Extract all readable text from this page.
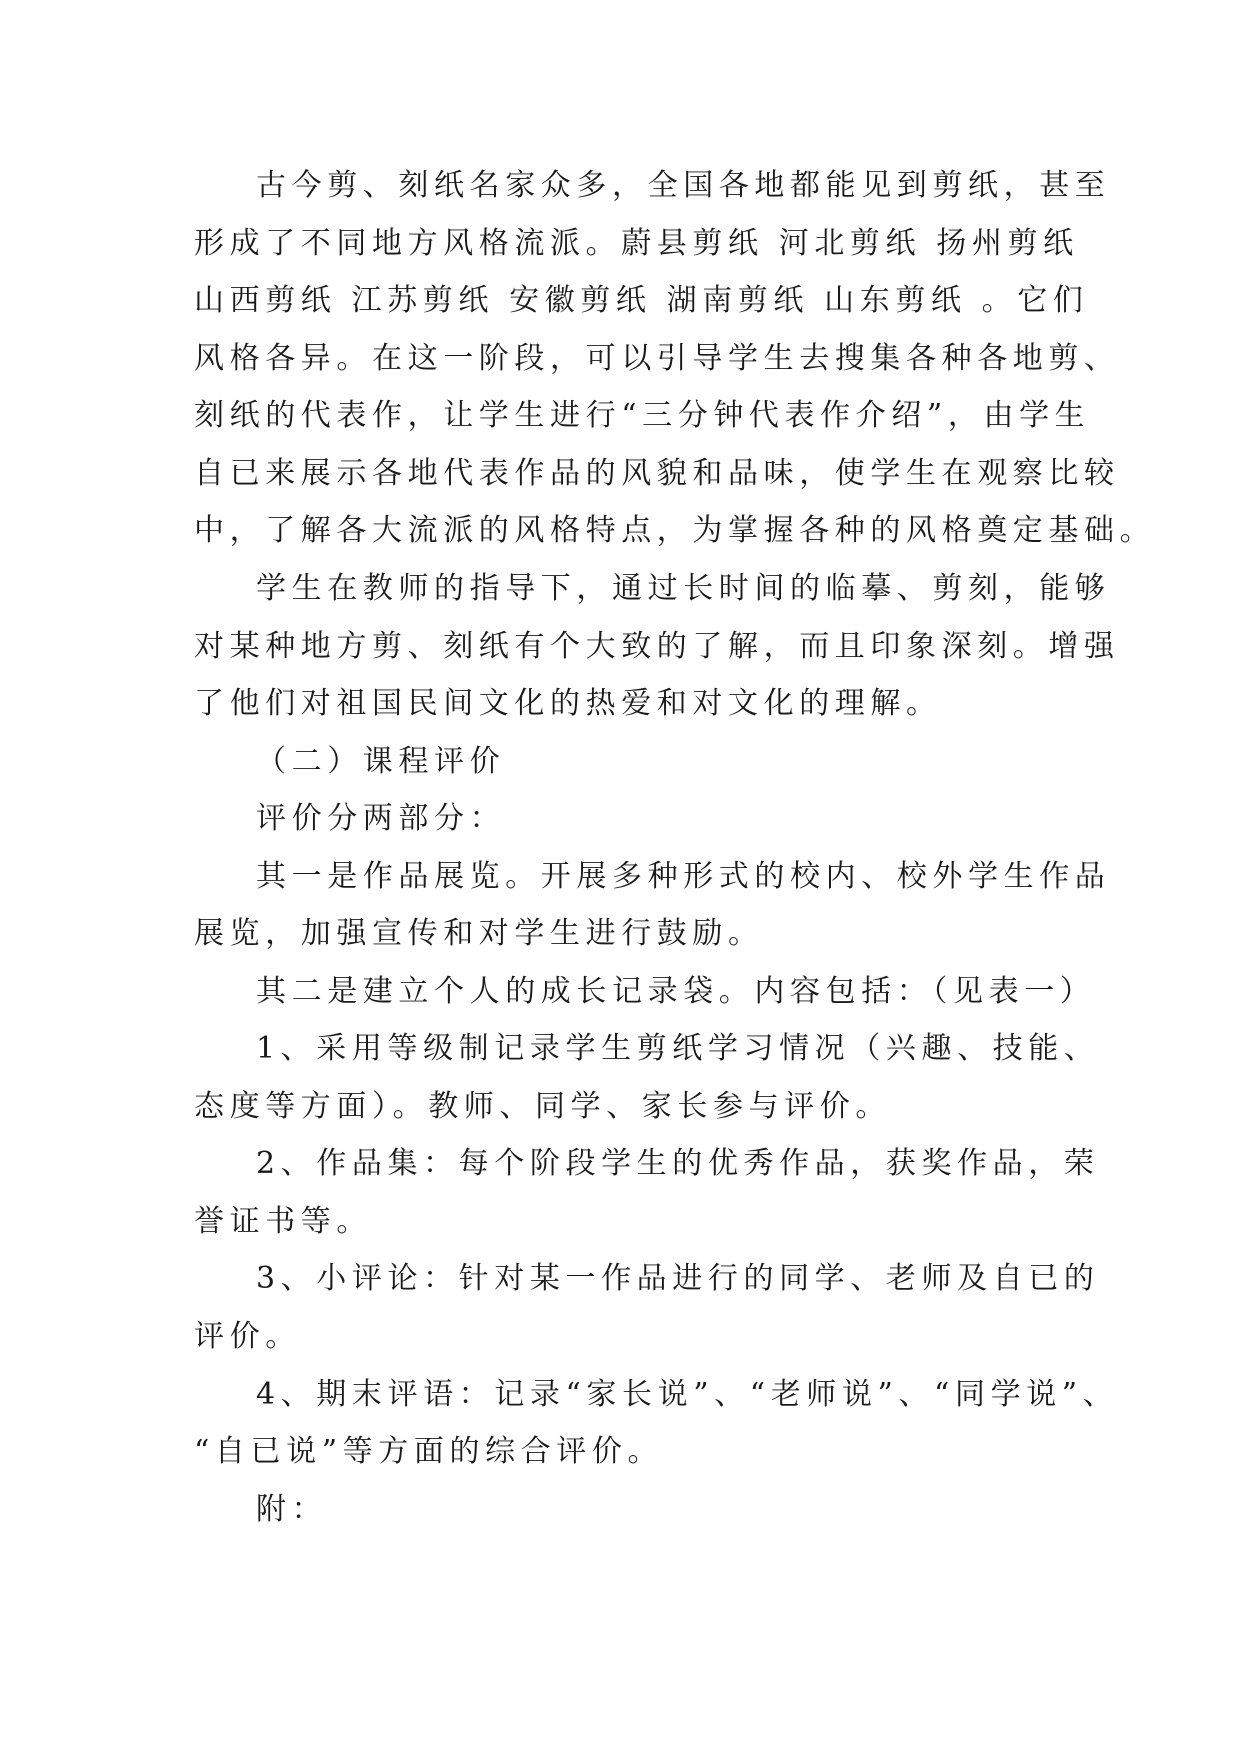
古今剪、刻纸名家众多，全国各地都能见到剪纸，甚至
形成了不同地方风格流派。蔚县剪纸 河北剪纸 扬州剪纸
山西剪纸 江苏剪纸 安徽剪纸 湖南剪纸 山东剪纸 。它们
风格各异。在这一阶段，可以引导学生去搜集各种各地剪、
刻纸的代表作，让学生进行“三分钟代表作介绍”，由学生
自已来展示各地代表作品的风貌和品味，使学生在观察比较
中，了解各大流派的风格特点，为掌握各种的风格奠定基础。
学生在教师的指导下，通过长时间的临摹、剪刻，能够
对某种地方剪、刻纸有个大致的了解，而且印象深刻。增强
了他们对祖国民间文化的热爱和对文化的理解。
（二）课程评价
评价分两部分：
其一是作品展览。开展多种形式的校内、校外学生作品
展览，加强宣传和对学生进行鼓励。
其二是建立个人的成长记录袋。内容包括：（见表一）
1、采用等级制记录学生剪纸学习情况（兴趣、技能、
态度等方面）。教师、同学、家长参与评价。
2、作品集：每个阶段学生的优秀作品，获奖作品，荣
誉证书等。
3、小评论：针对某一作品进行的同学、老师及自已的
评价。
4、期末评语：记录“家长说”、“老师说”、“同学说”、
“自已说”等方面的综合评价。
附：
